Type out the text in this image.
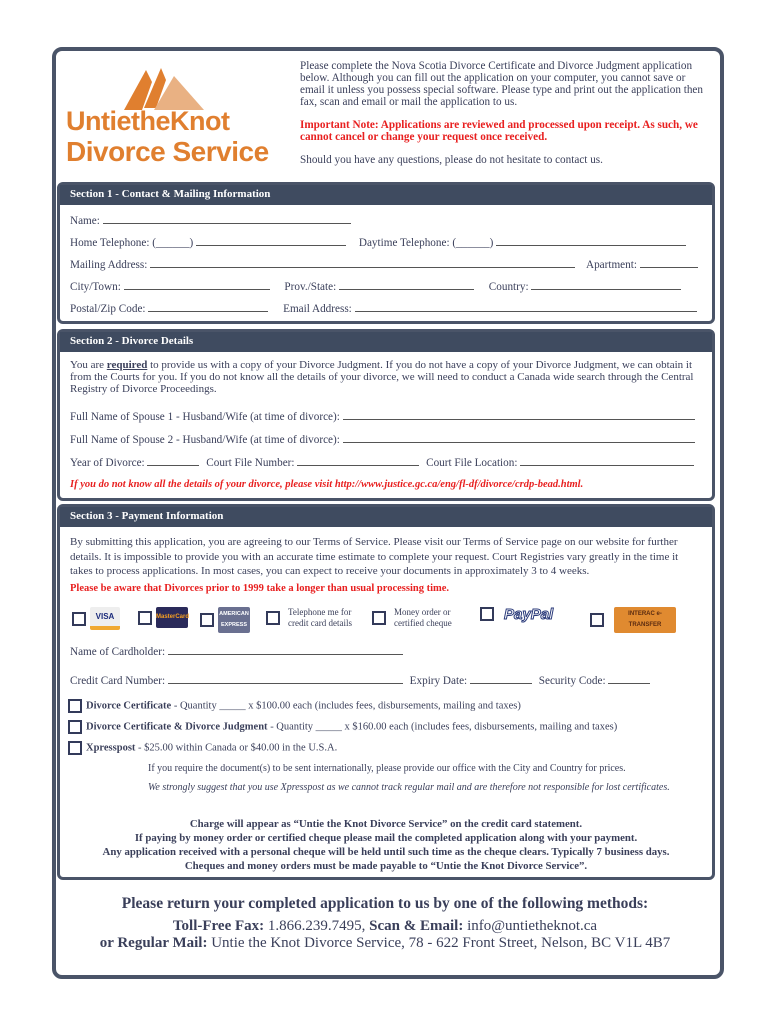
UntietheKnot
Divorce Service
Please complete the Nova Scotia Divorce Certificate and Divorce Judgment application below. Although you can fill out the application on your computer, you cannot save or email it unless you possess special software. Please type and print out the application then fax, scan and email or mail the application to us.
Important Note: Applications are reviewed and processed upon receipt. As such, we cannot cancel or change your request once received.
Should you have any questions, please do not hesitate to contact us.
Section 1 - Contact & Mailing Information
Name:
Home Telephone: (______)	Daytime Telephone: (______)
Mailing Address:	Apartment:
City/Town:	Prov./State:	Country:
Postal/Zip Code:	Email Address:
Section 2 - Divorce Details
You are required to provide us with a copy of your Divorce Judgment. If you do not have a copy of your Divorce Judgment, we can obtain it from the Courts for you. If you do not know all the details of your divorce, we will need to conduct a Canada wide search through the Central Registry of Divorce Proceedings.
Full Name of Spouse 1 - Husband/Wife (at time of divorce):
Full Name of Spouse 2 - Husband/Wife (at time of divorce):
Year of Divorce:	Court File Number:	Court File Location:
If you do not know all the details of your divorce, please visit http://www.justice.gc.ca/eng/fl-df/divorce/crdp-bead.html.
Section 3 - Payment Information
By submitting this application, you are agreeing to our Terms of Service. Please visit our Terms of Service page on our website for further details. It is impossible to provide you with an accurate time estimate to complete your request. Court Registries vary greatly in the time it takes to process applications. In most cases, you can expect to receive your documents in approximately 3 to 4 weeks.
Please be aware that Divorces prior to 1999 take a longer than usual processing time.
VISA	MasterCard	AMERICAN EXPRESS
Telephone me for credit card details
Money order or certified cheque
PayPal	INTERAC e-TRANSFER
Name of Cardholder:
Credit Card Number:	Expiry Date:	Security Code:
Divorce Certificate - Quantity _____ x $100.00 each (includes fees, disbursements, mailing and taxes)
Divorce Certificate & Divorce Judgment - Quantity _____ x $160.00 each (includes fees, disbursements, mailing and taxes)
Xpresspost - $25.00 within Canada or $40.00 in the U.S.A.
If you require the document(s) to be sent internationally, please provide our office with the City and Country for prices.
We strongly suggest that you use Xpresspost as we cannot track regular mail and are therefore not responsible for lost certificates.
Charge will appear as “Untie the Knot Divorce Service” on the credit card statement.
If paying by money order or certified cheque please mail the completed application along with your payment.
Any application received with a personal cheque will be held until such time as the cheque clears. Typically 7 business days.
Cheques and money orders must be made payable to “Untie the Knot Divorce Service”.
Please return your completed application to us by one of the following methods:
Toll-Free Fax: 1.866.239.7495, Scan & Email: info@untietheknot.ca
or Regular Mail: Untie the Knot Divorce Service, 78 - 622 Front Street, Nelson, BC V1L 4B7
